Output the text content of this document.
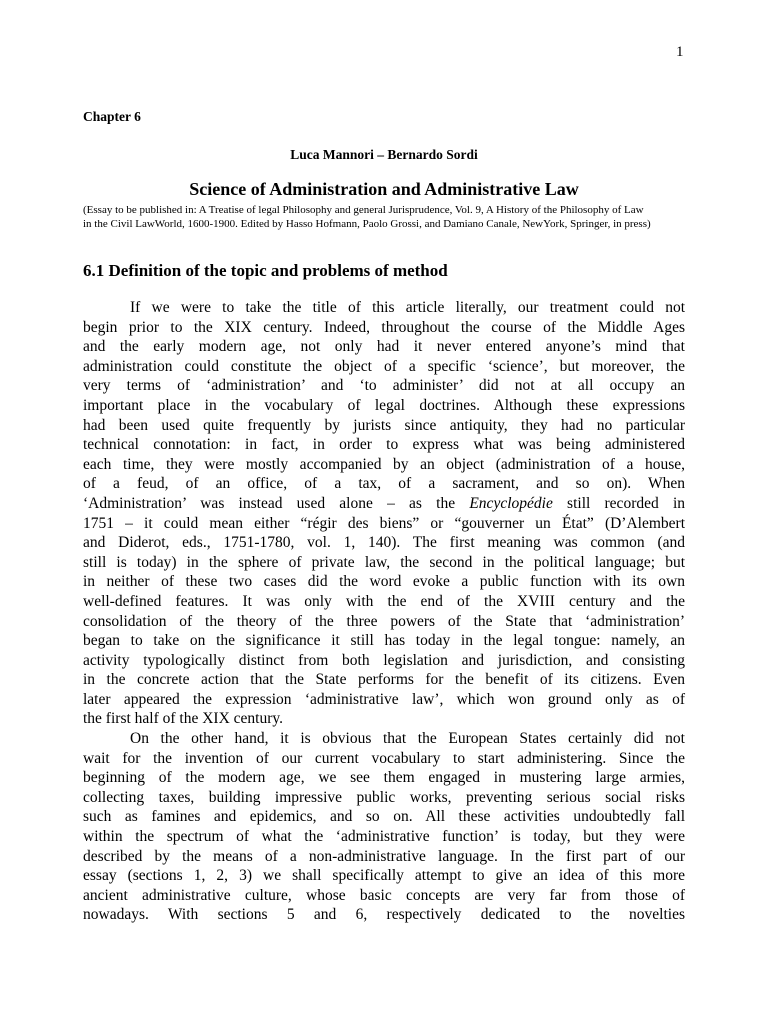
1
Chapter 6
Luca Mannori – Bernardo Sordi
Science of Administration and Administrative Law
(Essay to be published in: A Treatise of legal Philosophy and general Jurisprudence, Vol. 9, A History of the Philosophy of Law
in the Civil LawWorld, 1600-1900. Edited by Hasso Hofmann, Paolo Grossi, and Damiano Canale, NewYork, Springer, in press)
6.1 Definition of the topic and problems of method
If we were to take the title of this article literally, our treatment could not
begin prior to the XIX century. Indeed, throughout the course of the Middle Ages
and the early modern age, not only had it never entered anyone’s mind that
administration could constitute the object of a specific ‘science’, but moreover, the
very terms of ‘administration’ and ‘to administer’ did not at all occupy an
important place in the vocabulary of legal doctrines. Although these expressions
had been used quite frequently by jurists since antiquity, they had no particular
technical connotation: in fact, in order to express what was being administered
each time, they were mostly accompanied by an object (administration of a house,
of a feud, of an office, of a tax, of a sacrament, and so on). When
‘Administration’ was instead used alone – as the Encyclopédie still recorded in
1751 – it could mean either “régir des biens” or “gouverner un État” (D’Alembert
and Diderot, eds., 1751-1780, vol. 1, 140). The first meaning was common (and
still is today) in the sphere of private law, the second in the political language; but
in neither of these two cases did the word evoke a public function with its own
well-defined features. It was only with the end of the XVIII century and the
consolidation of the theory of the three powers of the State that ‘administration’
began to take on the significance it still has today in the legal tongue: namely, an
activity typologically distinct from both legislation and jurisdiction, and consisting
in the concrete action that the State performs for the benefit of its citizens. Even
later appeared the expression ‘administrative law’, which won ground only as of
the first half of the XIX century.
On the other hand, it is obvious that the European States certainly did not
wait for the invention of our current vocabulary to start administering. Since the
beginning of the modern age, we see them engaged in mustering large armies,
collecting taxes, building impressive public works, preventing serious social risks
such as famines and epidemics, and so on. All these activities undoubtedly fall
within the spectrum of what the ‘administrative function’ is today, but they were
described by the means of a non-administrative language. In the first part of our
essay (sections 1, 2, 3) we shall specifically attempt to give an idea of this more
ancient administrative culture, whose basic concepts are very far from those of
nowadays. With sections 5 and 6, respectively dedicated to the novelties
